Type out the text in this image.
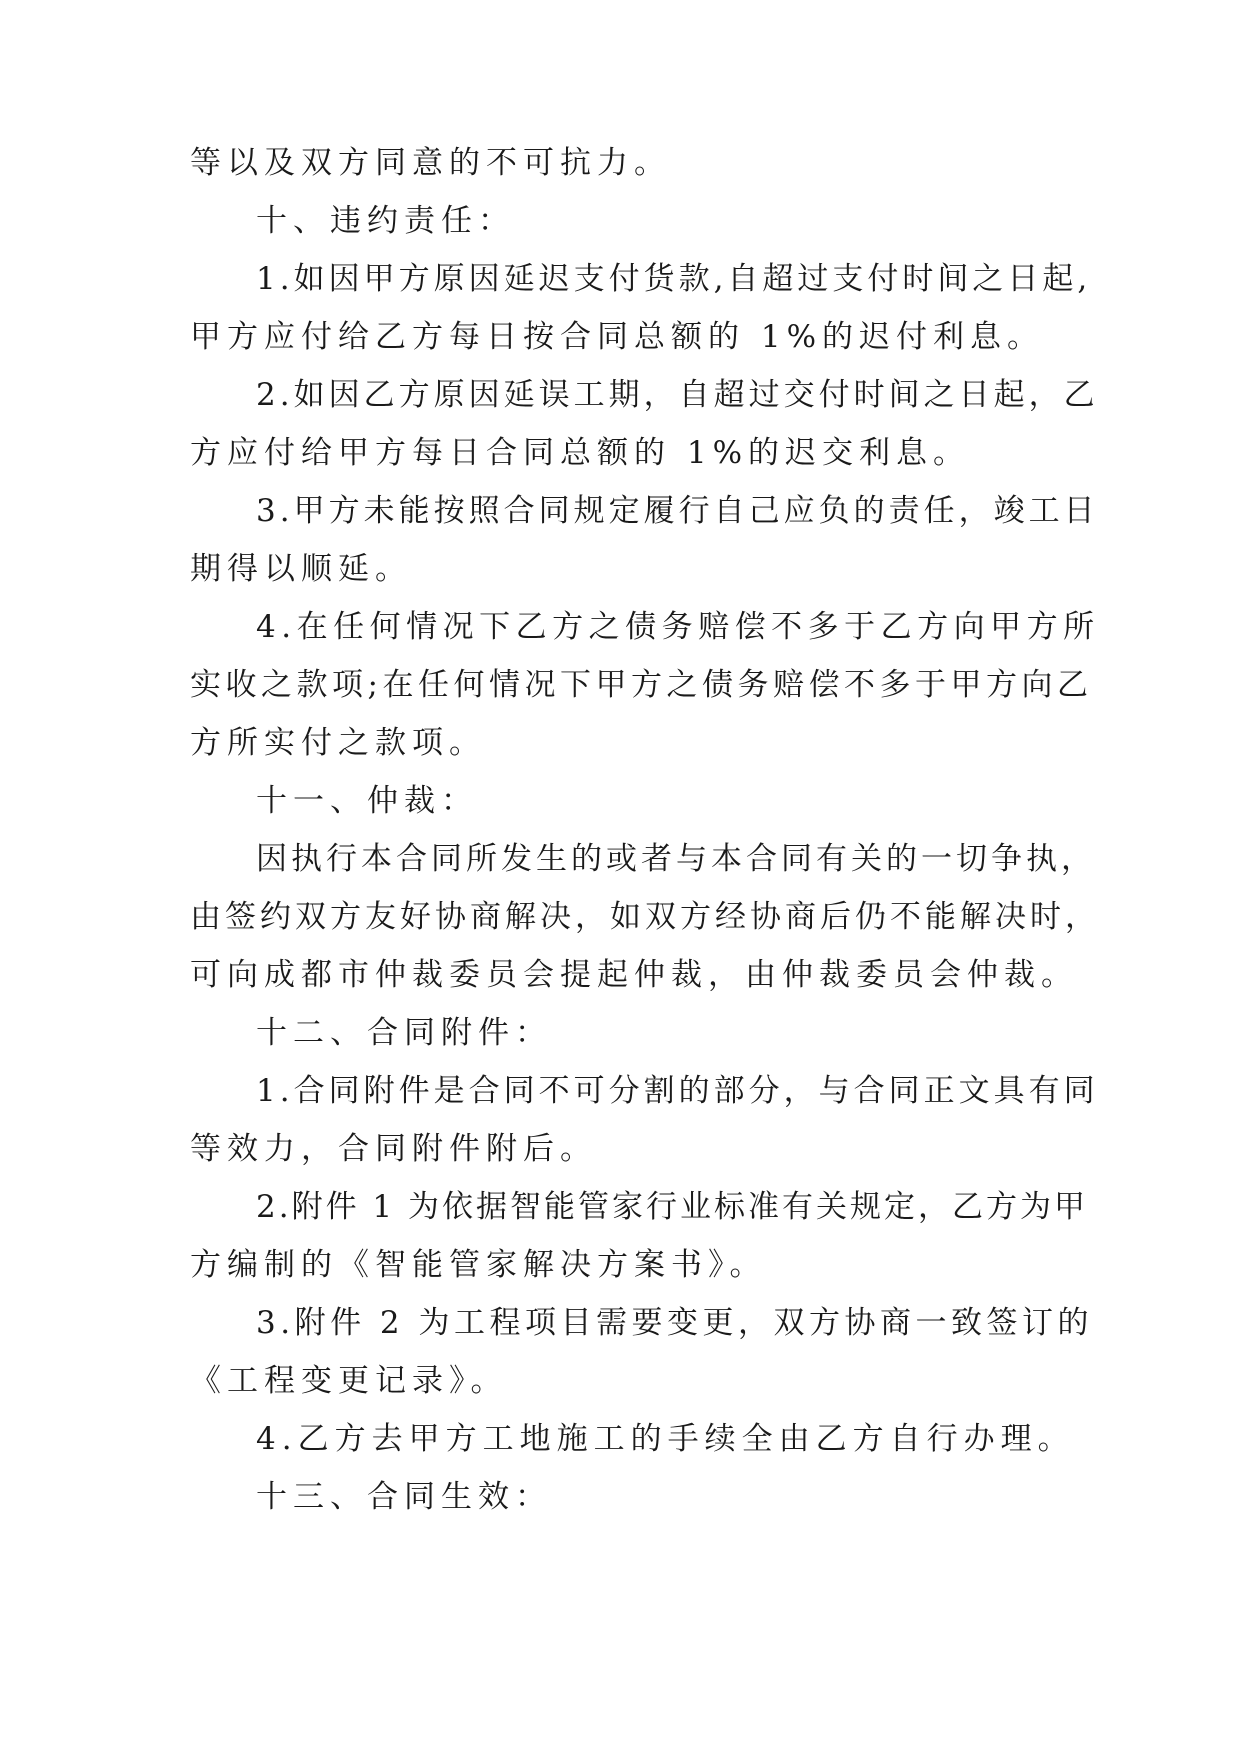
等以及双方同意的不可抗力。
十、违约责任：
1.如因甲方原因延迟支付货款,自超过支付时间之日起,
甲方应付给乙方每日按合同总额的 1%的迟付利息。
2.如因乙方原因延误工期，自超过交付时间之日起，乙
方应付给甲方每日合同总额的 1%的迟交利息。
3.甲方未能按照合同规定履行自己应负的责任，竣工日
期得以顺延。
4.在任何情况下乙方之债务赔偿不多于乙方向甲方所
实收之款项;在任何情况下甲方之债务赔偿不多于甲方向乙
方所实付之款项。
十一、仲裁：
因执行本合同所发生的或者与本合同有关的一切争执，
由签约双方友好协商解决，如双方经协商后仍不能解决时，
可向成都市仲裁委员会提起仲裁，由仲裁委员会仲裁。
十二、合同附件：
1.合同附件是合同不可分割的部分，与合同正文具有同
等效力，合同附件附后。
2.附件 1 为依据智能管家行业标准有关规定，乙方为甲
方编制的《智能管家解决方案书》。
3.附件 2 为工程项目需要变更，双方协商一致签订的
《工程变更记录》。
4.乙方去甲方工地施工的手续全由乙方自行办理。
十三、合同生效：
